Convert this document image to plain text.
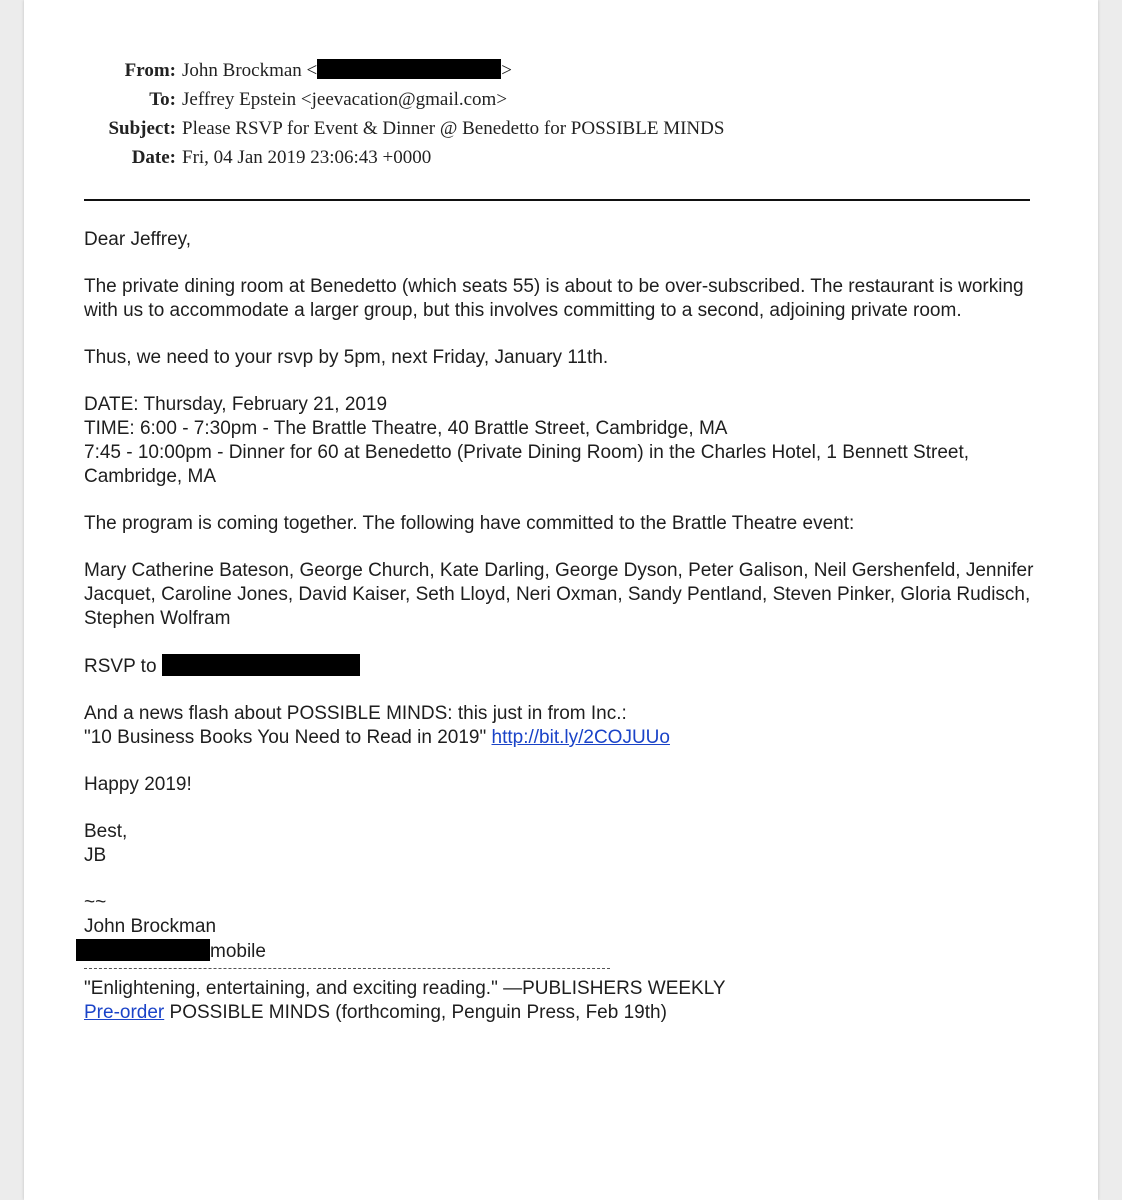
From: John Brockman <	>
To: Jeffrey Epstein <jeevacation@gmail.com>
Subject: Please RSVP for Event & Dinner @ Benedetto for POSSIBLE MINDS
Date: Fri, 04 Jan 2019 23:06:43 +0000

Dear Jeffrey,

The private dining room at Benedetto (which seats 55) is about to be over-subscribed. The restaurant is working with us to accommodate a larger group, but this involves committing to a second, adjoining private room.

Thus, we need to your rsvp by 5pm, next Friday, January 11th.

DATE: Thursday, February 21, 2019

TIME: 6:00 - 7:30pm - The Brattle Theatre, 40 Brattle Street, Cambridge, MA

7:45 - 10:00pm - Dinner for 60 at Benedetto (Private Dining Room) in the Charles Hotel, 1 Bennett Street, Cambridge, MA

The program is coming together. The following have committed to the Brattle Theatre event:

Mary Catherine Bateson, George Church, Kate Darling, George Dyson, Peter Galison, Neil Gershenfeld, Jennifer Jacquet, Caroline Jones, David Kaiser, Seth Lloyd, Neri Oxman, Sandy Pentland, Steven Pinker, Gloria Rudisch, Stephen Wolfram

RSVP to

And a news flash about POSSIBLE MINDS: this just in from Inc.:

"10 Business Books You Need to Read in 2019" http://bit.ly/2COJUUo

Happy 2019!

Best,

JB

~~

John Brockman

mobile

"Enlightening, entertaining, and exciting reading." —PUBLISHERS WEEKLY

Pre-order POSSIBLE MINDS (forthcoming, Penguin Press, Feb 19th)
